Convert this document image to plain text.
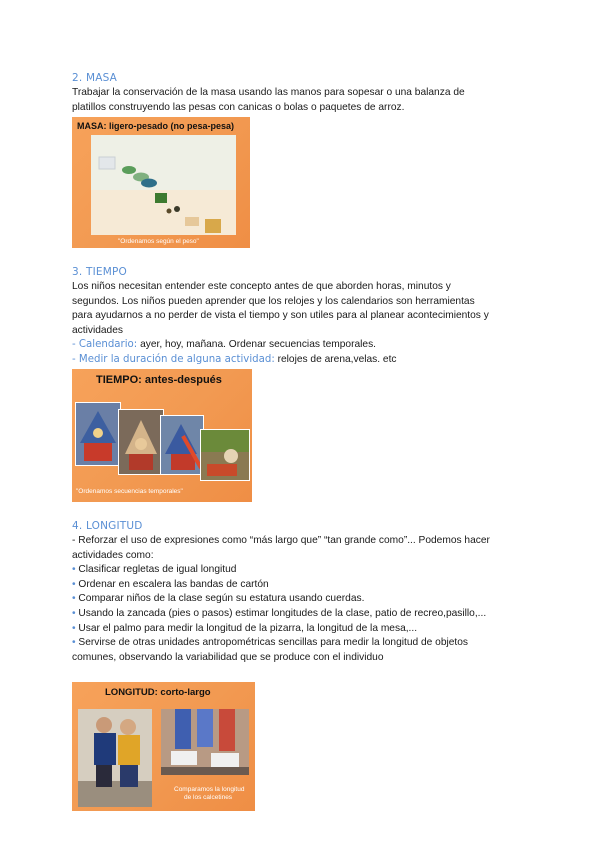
2. MASA
Trabajar la conservación de la masa usando las manos para sopesar o una balanza de
platillos construyendo las pesas con canicas o bolas o paquetes de arroz.
MASA: ligero-pesado (no pesa-pesa)
"Ordenamos según el peso"
3. TIEMPO
Los niños necesitan entender este concepto antes de que aborden horas, minutos y
segundos. Los niños pueden aprender que los relojes y los calendarios son herramientas
para ayudarnos a no perder de vista el tiempo y son utiles para al planear acontecimientos y
actividades
- Calendario: ayer, hoy, mañana. Ordenar secuencias temporales.
- Medir la duración de alguna actividad: relojes de arena,velas. etc
TIEMPO: antes-después
"Ordenamos secuencias temporales"
4. LONGITUD
- Reforzar el uso de expresiones como “más largo que” “tan grande como”... Podemos hacer
actividades como:
• Clasificar regletas de igual longitud
• Ordenar en escalera las bandas de cartón
• Comparar niños de la clase según su estatura usando cuerdas.
• Usando la zancada (pies o pasos) estimar longitudes de la clase, patio de recreo,pasillo,...
• Usar el palmo para medir la longitud de la pizarra, la longitud de la mesa,...
• Servirse de otras unidades antropométricas sencillas para medir la longitud de objetos
comunes, observando la variabilidad que se produce con el individuo
LONGITUD: corto-largo
Comparamos la longitud
de los calcetines
